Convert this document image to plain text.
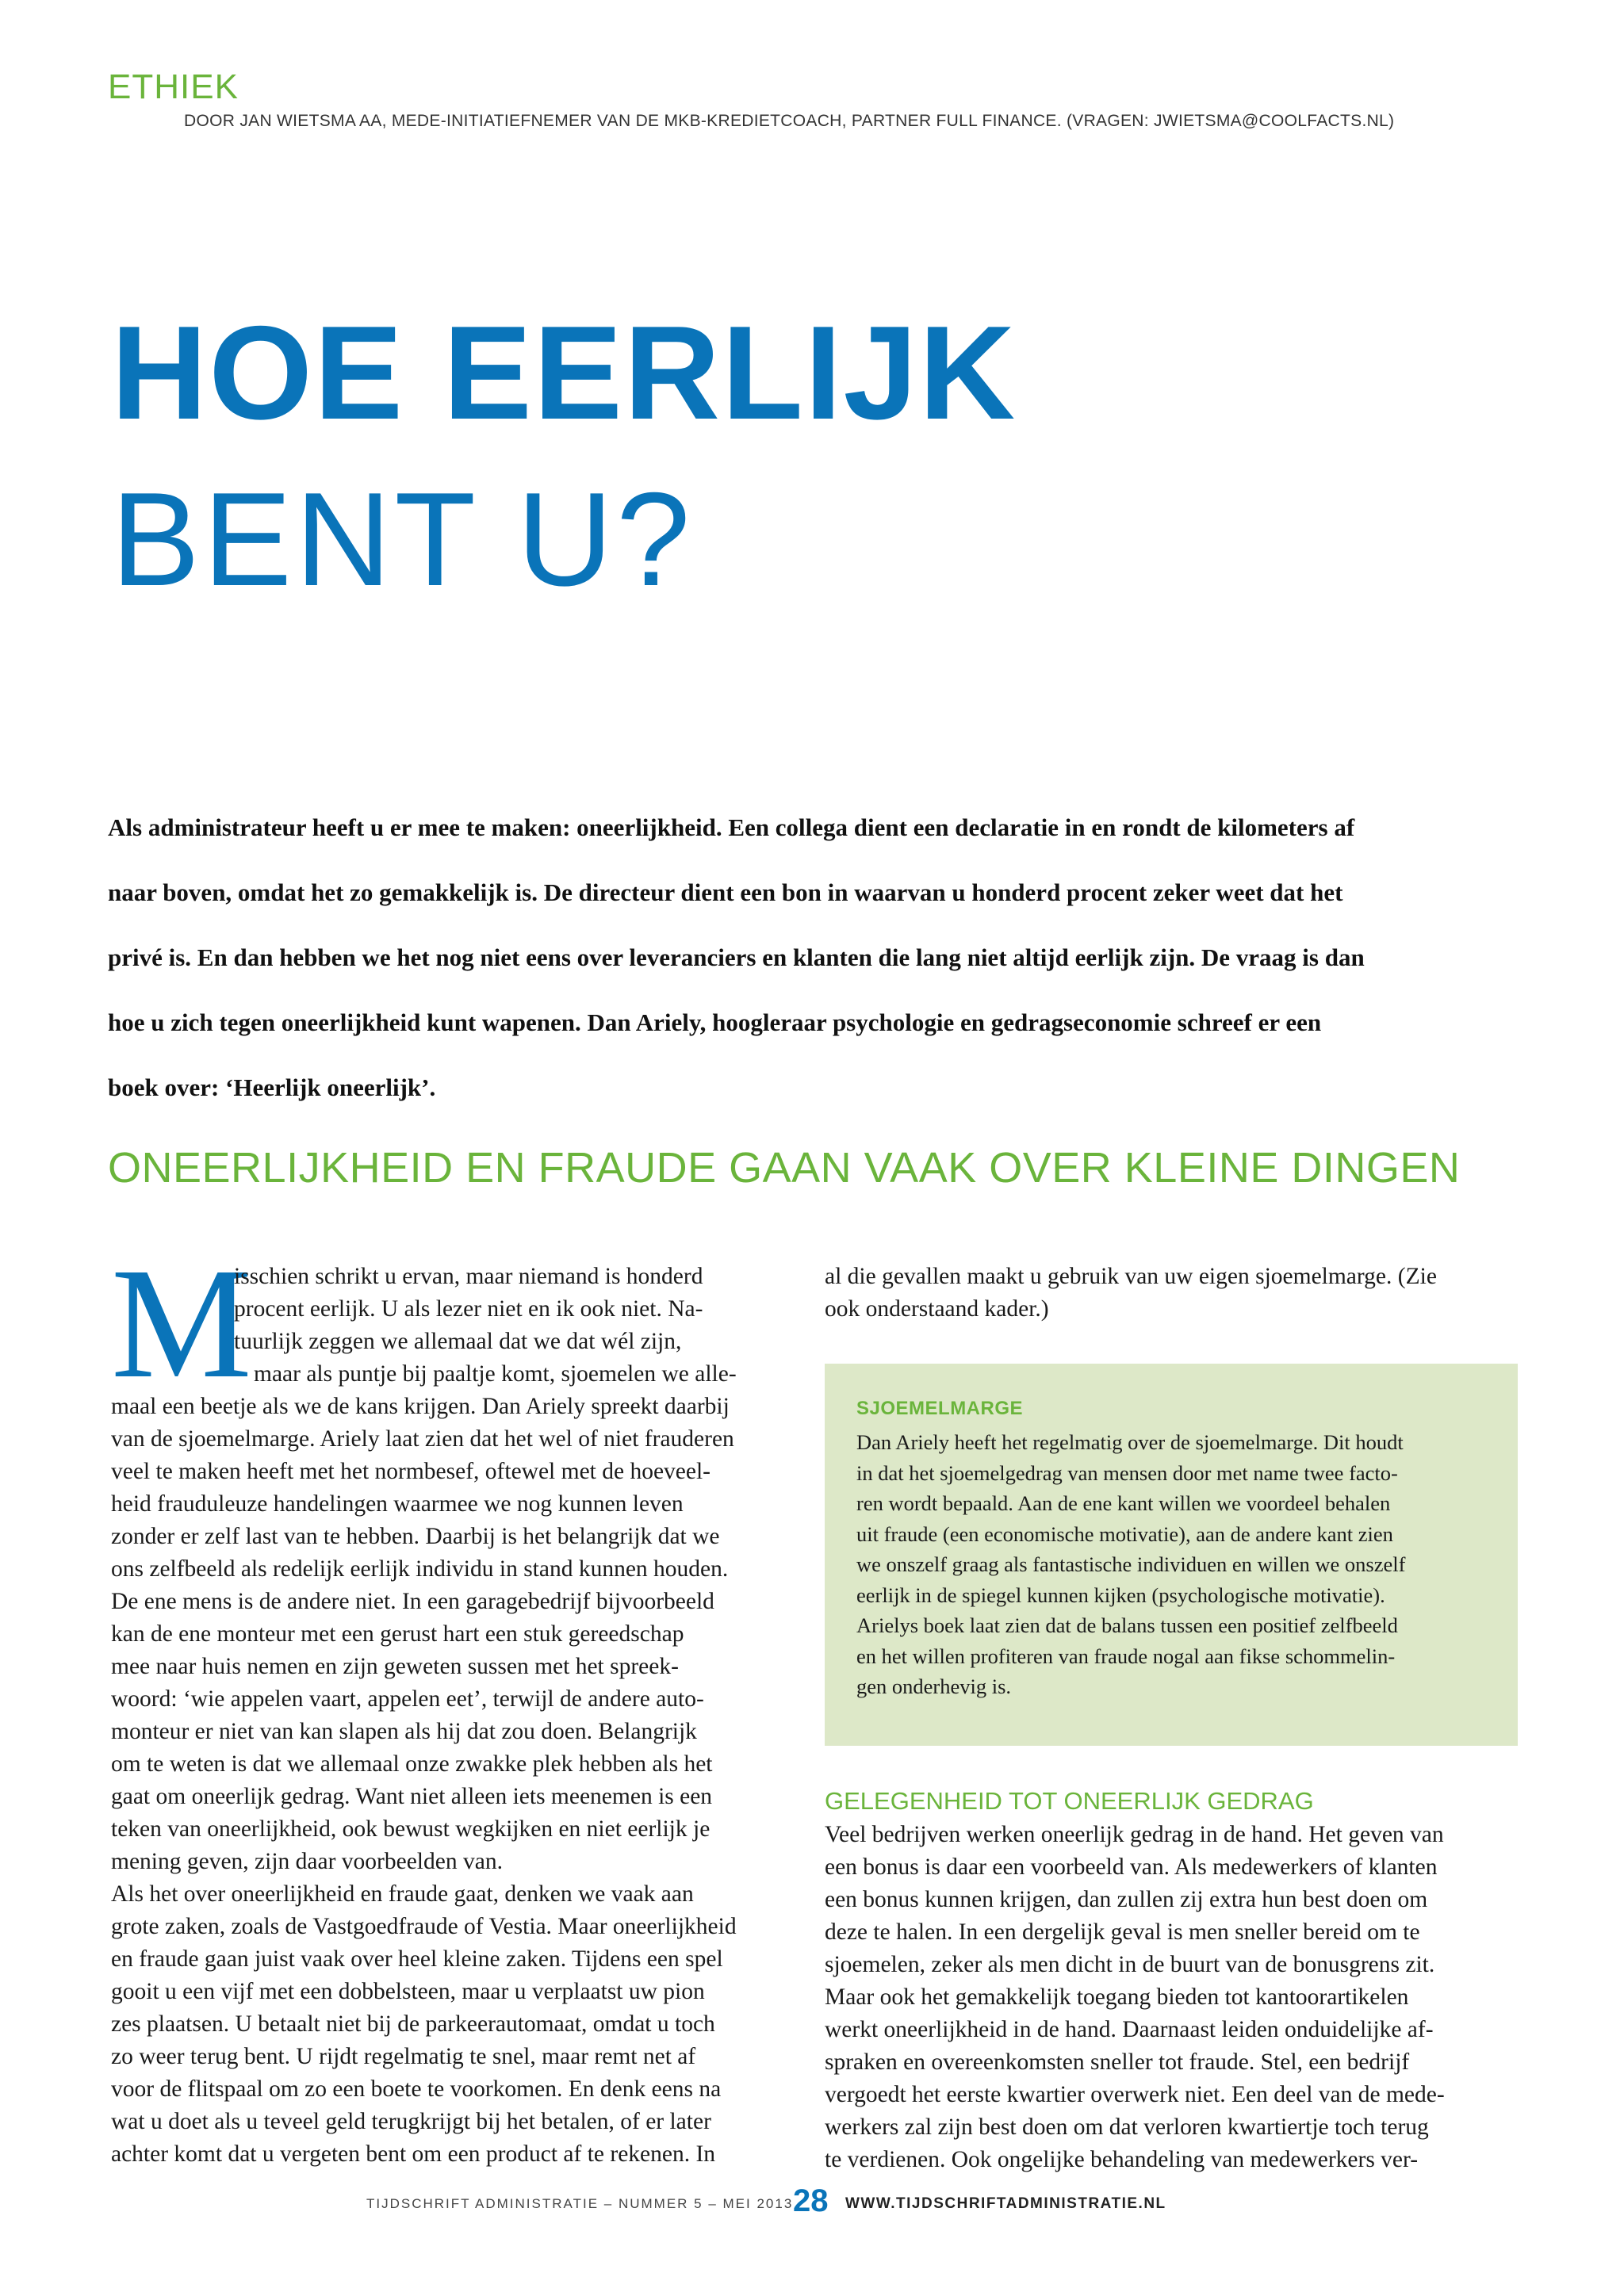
ETHIEK
DOOR JAN WIETSMA AA, MEDE-INITIATIEFNEMER VAN DE MKB-KREDIETCOACH, PARTNER FULL FINANCE. (VRAGEN: JWIETSMA@COOLFACTS.NL)
HOE EERLIJK
BENT U?
Als administrateur heeft u er mee te maken: oneerlijkheid. Een collega dient een declaratie in en rondt de kilometers af
naar boven, omdat het zo gemakkelijk is. De directeur dient een bon in waarvan u honderd procent zeker weet dat het
privé is. En dan hebben we het nog niet eens over leveranciers en klanten die lang niet altijd eerlijk zijn. De vraag is dan
hoe u zich tegen oneerlijkheid kunt wapenen. Dan Ariely, hoogleraar psychologie en gedragseconomie schreef er een
boek over: ‘Heerlijk oneerlijk’.
ONEERLIJKHEID EN FRAUDE GAAN VAAK OVER KLEINE DINGEN
M
isschien schrikt u ervan, maar niemand is honderd
procent eerlijk. U als lezer niet en ik ook niet. Na-
tuurlijk zeggen we allemaal dat we dat wél zijn,
maar als puntje bij paaltje komt, sjoemelen we alle-
maal een beetje als we de kans krijgen. Dan Ariely spreekt daarbij
van de sjoemelmarge. Ariely laat zien dat het wel of niet frauderen
veel te maken heeft met het normbesef, oftewel met de hoeveel-
heid frauduleuze handelingen waarmee we nog kunnen leven
zonder er zelf last van te hebben. Daarbij is het belangrijk dat we
ons zelfbeeld als redelijk eerlijk individu in stand kunnen houden.
De ene mens is de andere niet. In een garagebedrijf bijvoorbeeld
kan de ene monteur met een gerust hart een stuk gereedschap
mee naar huis nemen en zijn geweten sussen met het spreek-
woord: ‘wie appelen vaart, appelen eet’, terwijl de andere auto-
monteur er niet van kan slapen als hij dat zou doen. Belangrijk
om te weten is dat we allemaal onze zwakke plek hebben als het
gaat om oneerlijk gedrag. Want niet alleen iets meenemen is een
teken van oneerlijkheid, ook bewust wegkijken en niet eerlijk je
mening geven, zijn daar voorbeelden van.
Als het over oneerlijkheid en fraude gaat, denken we vaak aan
grote zaken, zoals de Vastgoedfraude of Vestia. Maar oneerlijkheid
en fraude gaan juist vaak over heel kleine zaken. Tijdens een spel
gooit u een vijf met een dobbelsteen, maar u verplaatst uw pion
zes plaatsen. U betaalt niet bij de parkeerautomaat, omdat u toch
zo weer terug bent. U rijdt regelmatig te snel, maar remt net af
voor de flitspaal om zo een boete te voorkomen. En denk eens na
wat u doet als u teveel geld terugkrijgt bij het betalen, of er later
achter komt dat u vergeten bent om een product af te rekenen. In
al die gevallen maakt u gebruik van uw eigen sjoemelmarge. (Zie
ook onderstaand kader.)
SJOEMELMARGE
Dan Ariely heeft het regelmatig over de sjoemelmarge. Dit houdt
in dat het sjoemelgedrag van mensen door met name twee facto-
ren wordt bepaald. Aan de ene kant willen we voordeel behalen
uit fraude (een economische motivatie), aan de andere kant zien
we onszelf graag als fantastische individuen en willen we onszelf
eerlijk in de spiegel kunnen kijken (psychologische motivatie).
Arielys boek laat zien dat de balans tussen een positief zelfbeeld
en het willen profiteren van fraude nogal aan fikse schommelin-
gen onderhevig is.
GELEGENHEID TOT ONEERLIJK GEDRAG
Veel bedrijven werken oneerlijk gedrag in de hand. Het geven van
een bonus is daar een voorbeeld van. Als medewerkers of klanten
een bonus kunnen krijgen, dan zullen zij extra hun best doen om
deze te halen. In een dergelijk geval is men sneller bereid om te
sjoemelen, zeker als men dicht in de buurt van de bonusgrens zit.
Maar ook het gemakkelijk toegang bieden tot kantoorartikelen
werkt oneerlijkheid in de hand. Daarnaast leiden onduidelijke af-
spraken en overeenkomsten sneller tot fraude. Stel, een bedrijf
vergoedt het eerste kwartier overwerk niet. Een deel van de mede-
werkers zal zijn best doen om dat verloren kwartiertje toch terug
te verdienen. Ook ongelijke behandeling van medewerkers ver-
TIJDSCHRIFT ADMINISTRATIE – NUMMER 5 – MEI 2013 28 WWW.TIJDSCHRIFTADMINISTRATIE.NL
